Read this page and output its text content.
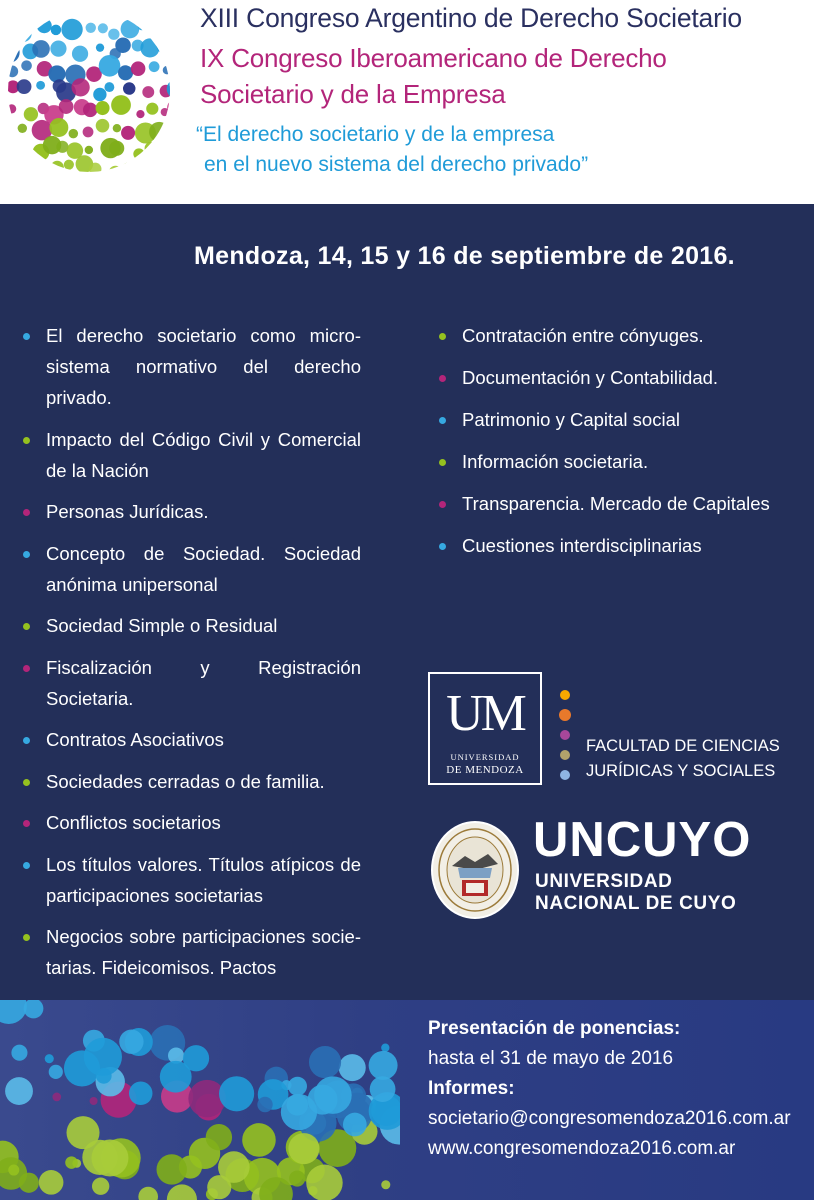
XIII Congreso Argentino de Derecho Societario
IX Congreso Iberoamericano de Derecho
Societario y de la Empresa
“El derecho societario y de la empresa
en el nuevo sistema del derecho privado”
Mendoza, 14, 15 y 16 de septiembre de 2016.
El derecho societario como micro-sistema normativo del derecho privado.
Impacto del Código Civil y Comercial de la Nación
Personas Jurídicas.
Concepto de Sociedad. Sociedad anónima unipersonal
Sociedad Simple o Residual
Fiscalización y Registración Societaria.
Contratos Asociativos
Sociedades cerradas o de familia.
Conflictos societarios
Los títulos valores. Títulos atípicos de participaciones societarias
Negocios sobre participaciones socie-tarias. Fideicomisos. Pactos
Contratación entre cónyuges.
Documentación y Contabilidad.
Patrimonio y Capital social
Información societaria.
Transparencia. Mercado de Capitales
Cuestiones interdisciplinarias
UM
UNIVERSIDAD
DE MENDOZA
FACULTAD DE CIENCIAS
JURÍDICAS Y SOCIALES
UNCUYO
UNIVERSIDAD
NACIONAL DE CUYO
Presentación de ponencias:
hasta el 31 de mayo de 2016
Informes:
societario@congresomendoza2016.com.ar
www.congresomendoza2016.com.ar
